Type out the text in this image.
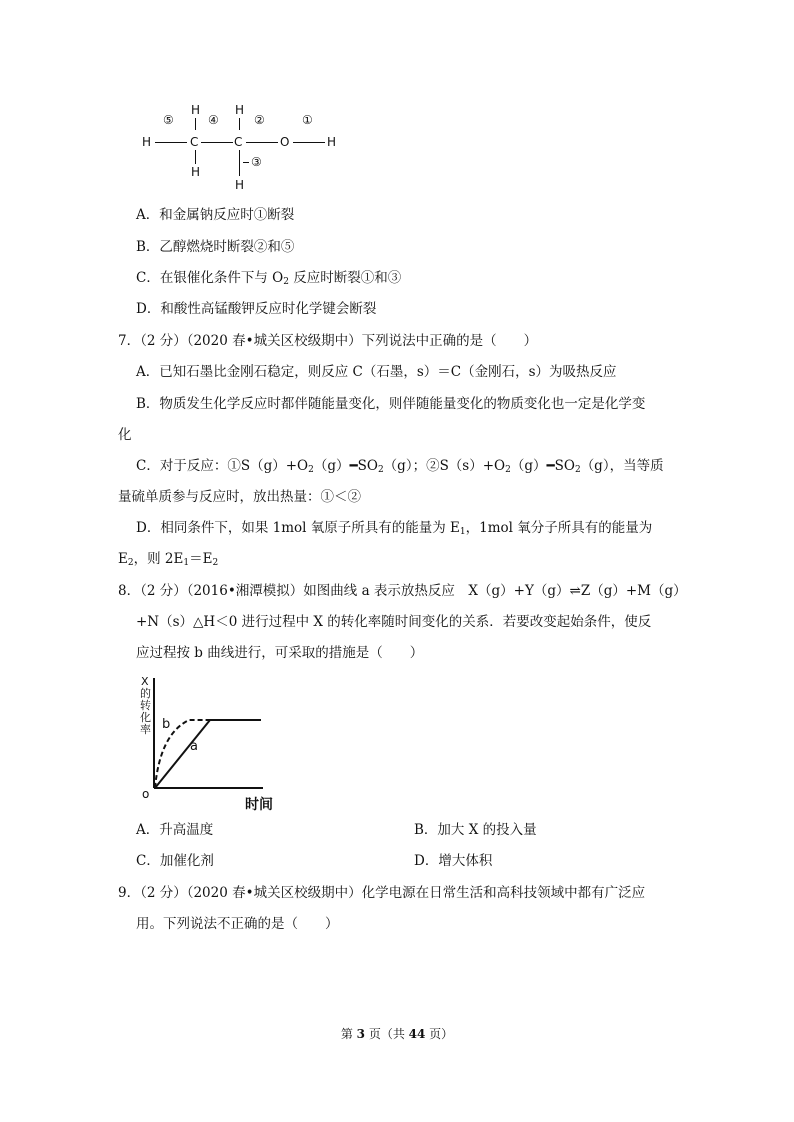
⑤	④	②	①
③
H	H
H	C	C	O	H
H
H
A．和金属钠反应时①断裂
B．乙醇燃烧时断裂②和⑤
C．在银催化条件下与 $O_2$ 反应时断裂①和③
D．和酸性高锰酸钾反应时化学键会断裂
7．（2 分）（2020 春•城关区校级期中）下列说法中正确的是（　　）
A．已知石墨比金刚石稳定，则反应 C（石墨，s）＝C（金刚石，s）为吸热反应
B．物质发生化学反应时都伴随能量变化，则伴随能量变化的物质变化也一定是化学变
化
C．对于反应：$①S(g)+O_2(g)━SO_2(g)$；$②S(s)+O_2(g)━SO_2(g)$，当等质
量硫单质参与反应时，放出热量：①＜②
D．相同条件下，如果 1mol 氧原子所具有的能量为 $E_1$，1mol 氧分子所具有的能量为
$E_2$，则 $2E_1=E_2$
8．（2 分）（2016•湘潭模拟）如图曲线 a 表示放热反应　X（g）+Y（g）⇌Z（g）+M（g）
+N（s）△H＜0 进行过程中 X 的转化率随时间变化的关系．若要改变起始条件，使反
应过程按 b 曲线进行，可采取的措施是（　　）
X
的
转
化
率 b
a
o
时间
A．升高温度	B．加大 X 的投入量
C．加催化剂	D．增大体积
9．（2 分）（2020 春•城关区校级期中）化学电源在日常生活和高科技领域中都有广泛应
用。下列说法不正确的是（　　）
第 3 页（共 44 页）
